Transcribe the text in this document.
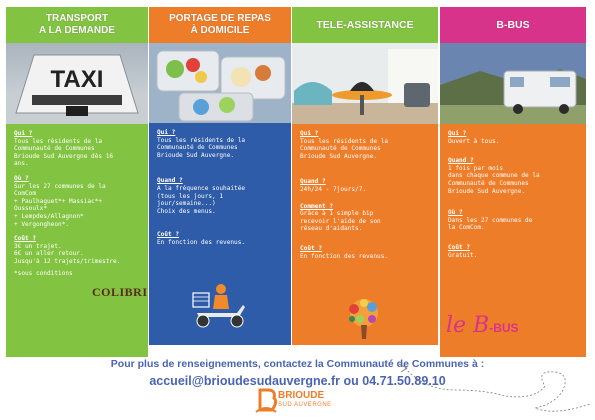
TRANSPORT
A LA DEMANDE
TAXI
Qui ?
Tous les résidents de la
Communauté de Communes
Brioude Sud Auvergne dès 16
ans.
Où ?
Sur les 27 communes de la
ComCom
+ Paulhaguet*+ Massiac*+
Oussoulx*
+ Lempdes/Allagnon*
+ Vergongheon*.
Coût ?
3€ un trajet.
6€ un aller retour.
Jusqu'à 12 trajets/trimestre.
*sous conditions
COLIBRI
PORTAGE DE REPAS
À DOMICILE
Qui ?
Tous les résidents de la
Communauté de Communes
Brioude Sud Auvergne.
Quand ?
A la fréquence souhaitée
(tous les jours, 1
jour/semaine...)
Choix des menus.
Coût ?
En fonction des revenus.
TELE-ASSISTANCE
Qui ?
Tous les résidents de la
Communauté de Communes
Brioude Sud Auvergne.
Quand ?
24h/24 - 7jours/7.
Comment ?
Grâce à 1 simple bip
recevoir l'aide de son
réseau d'aidants.
Coût ?
En fonction des revenus.
B-BUS
Qui ?
Ouvert à tous.
Quand ?
1 fois par mois
dans chaque commune de la
Communauté de Communes
Brioude Sud Auvergne.
Où ?
Dans les 27 communes de
la ComCom.
Coût ?
Gratuit.
le B-BUS
Pour plus de renseignements, contactez la Communauté de Communes à :
accueil@brioudesudauvergne.fr ou 04.71.50.89.10
BRIOUDE
SUD AUVERGNE
